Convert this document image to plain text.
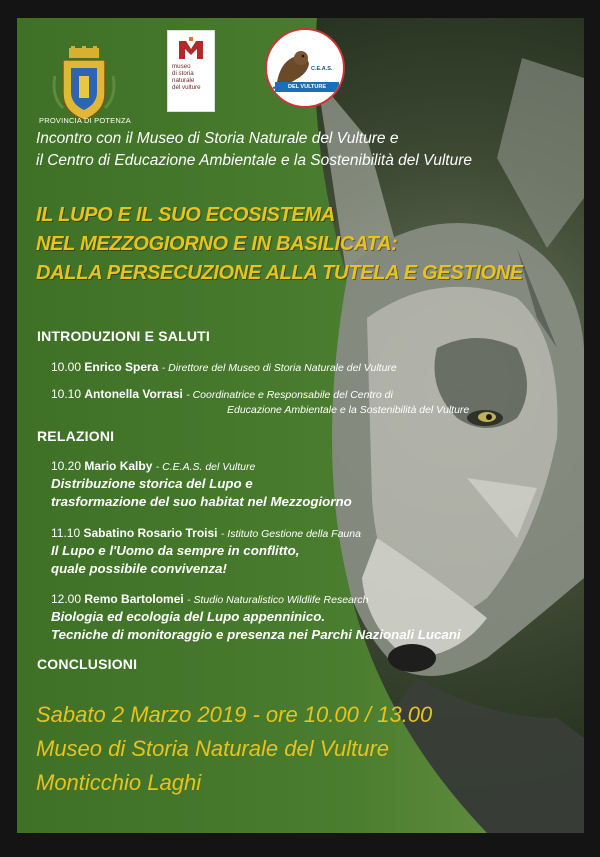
PROVINCIA DI POTENZA
museo
di storia
naturale
del vulture
C.E.A.S.
DEL VULTURE
Incontro con il Museo di Storia Naturale del Vulture e
il Centro di Educazione Ambientale e la Sostenibilità del Vulture
IL LUPO E IL SUO ECOSISTEMA
NEL MEZZOGIORNO E IN BASILICATA:
DALLA PERSECUZIONE ALLA TUTELA E GESTIONE
INTRODUZIONI E SALUTI
10.00 Enrico Spera - Direttore del Museo di Storia Naturale del Vulture
10.10 Antonella Vorrasi - Coordinatrice e Responsabile del Centro di
Educazione Ambientale e la Sostenibilità del Vulture
RELAZIONI
10.20 Mario Kalby - C.E.A.S. del Vulture
Distribuzione storica del Lupo e
trasformazione del suo habitat nel Mezzogiorno
11.10 Sabatino Rosario Troisi - Istituto Gestione della Fauna
Il Lupo e l'Uomo da sempre in conflitto,
quale possibile convivenza!
12.00 Remo Bartolomei - Studio Naturalistico Wildlife Research
Biologia ed ecologia del Lupo appenninico.
Tecniche di monitoraggio e presenza nei Parchi Nazionali Lucani
CONCLUSIONI
Sabato 2 Marzo 2019 - ore 10.00 / 13.00
Museo di Storia Naturale del Vulture
Monticchio Laghi
